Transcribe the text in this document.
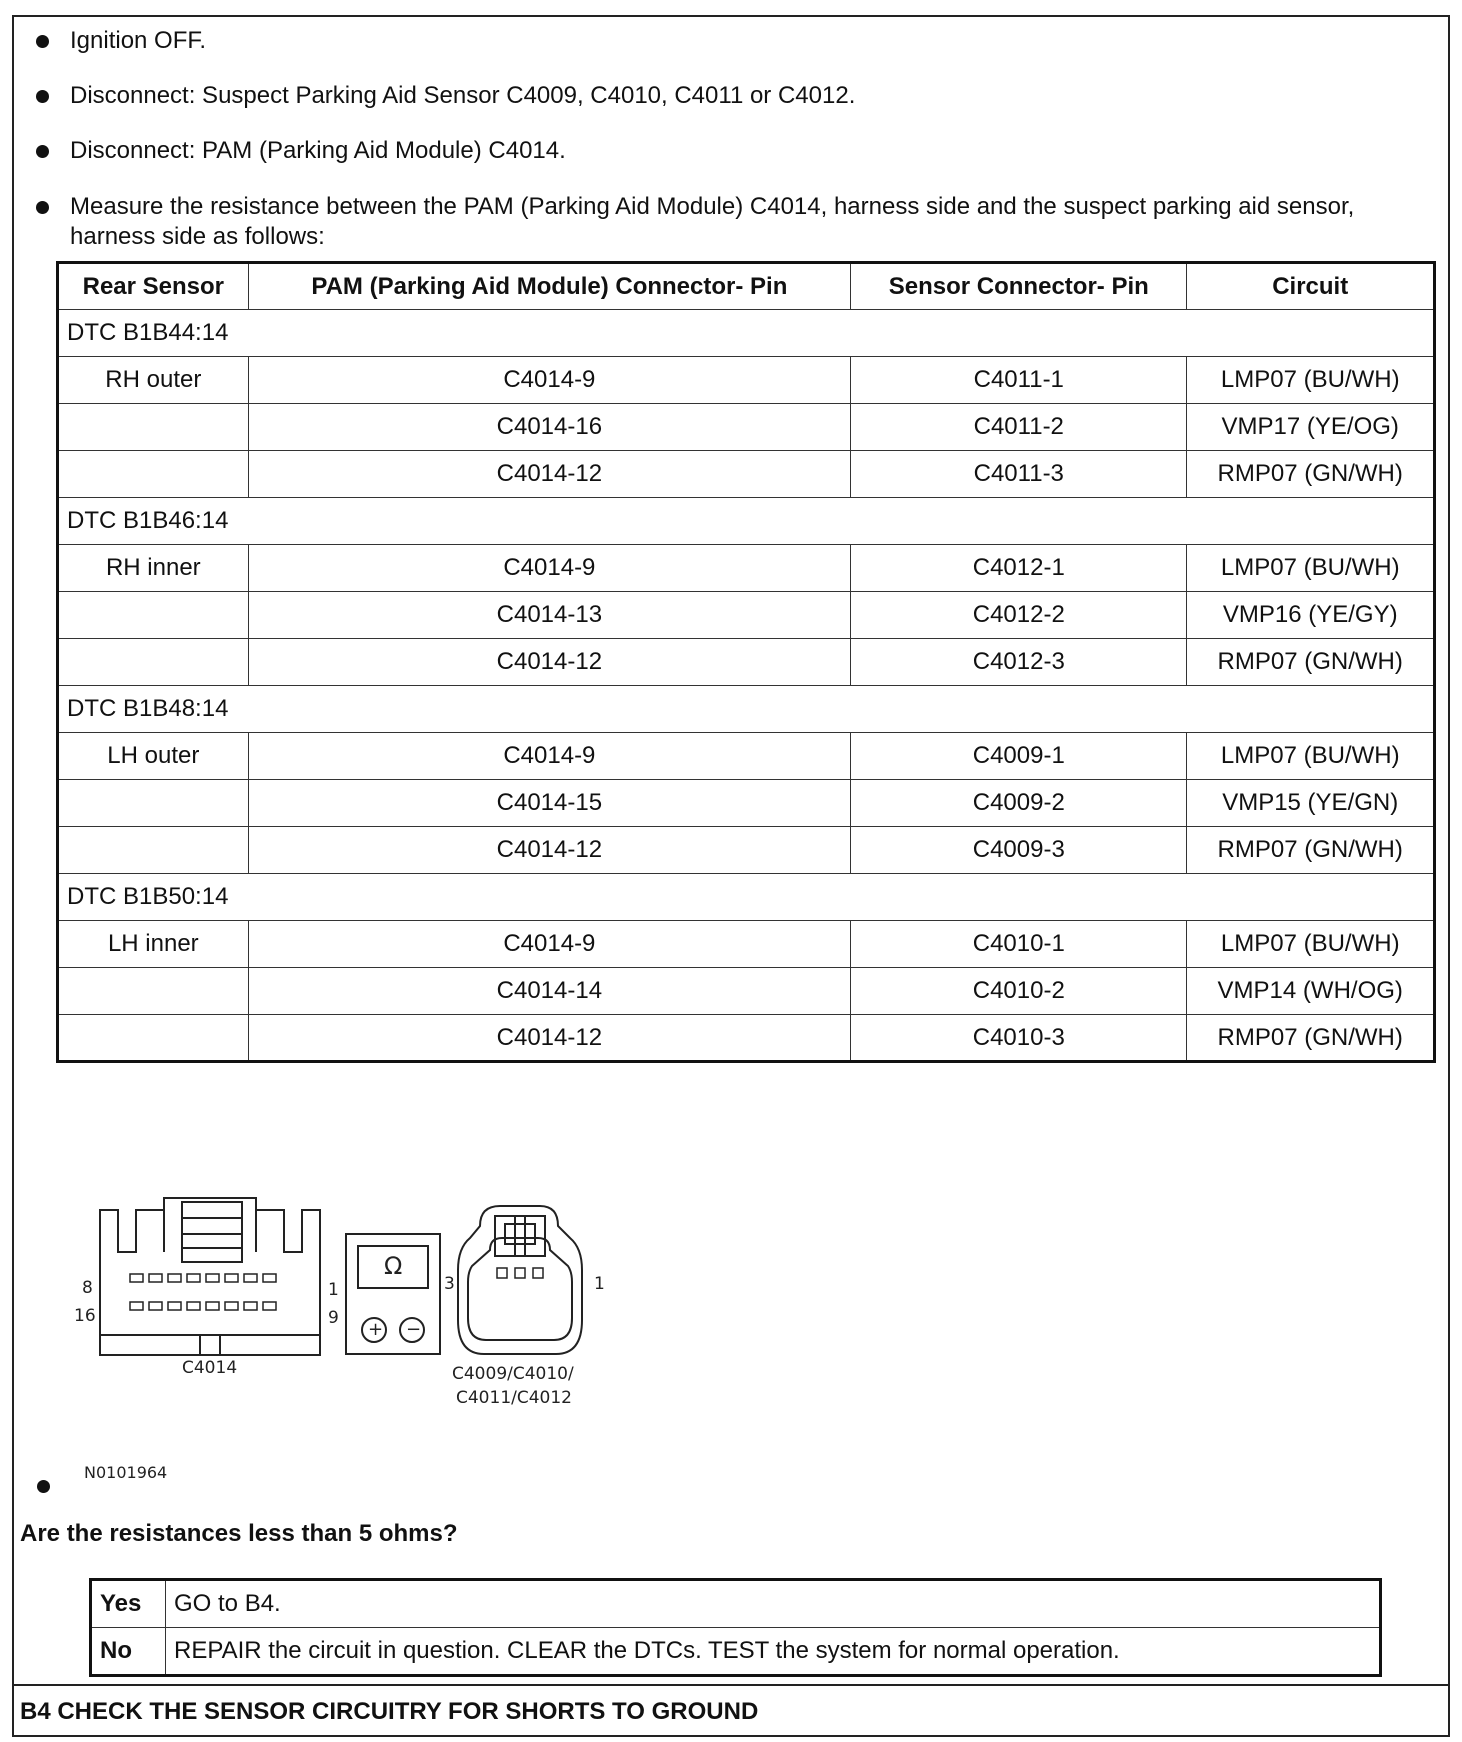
Ignition OFF.
Disconnect: Suspect Parking Aid Sensor C4009, C4010, C4011 or C4012.
Disconnect: PAM (Parking Aid Module) C4014.
Measure the resistance between the PAM (Parking Aid Module) C4014, harness side and the suspect parking aid sensor, harness side as follows:
Rear Sensor	PAM (Parking Aid Module) Connector- Pin	Sensor Connector- Pin	Circuit
DTC B1B44:14			
RH outer	C4014-9	C4011-1	LMP07 (BU/WH)
	C4014-16	C4011-2	VMP17 (YE/OG)
	C4014-12	C4011-3	RMP07 (GN/WH)
DTC B1B46:14			
RH inner	C4014-9	C4012-1	LMP07 (BU/WH)
	C4014-13	C4012-2	VMP16 (YE/GY)
	C4014-12	C4012-3	RMP07 (GN/WH)
DTC B1B48:14			
LH outer	C4014-9	C4009-1	LMP07 (BU/WH)
	C4014-15	C4009-2	VMP15 (YE/GN)
	C4014-12	C4009-3	RMP07 (GN/WH)
DTC B1B50:14			
LH inner	C4014-9	C4010-1	LMP07 (BU/WH)
	C4014-14	C4010-2	VMP14 (WH/OG)
	C4014-12	C4010-3	RMP07 (GN/WH)
8
16
1
9
C4014
Ω
+ −
3	1
C4009/C4010/
C4011/C4012
N0101964
Are the resistances less than 5 ohms?
Yes	GO to B4.
No	REPAIR the circuit in question. CLEAR the DTCs. TEST the system for normal operation.
B4 CHECK THE SENSOR CIRCUITRY FOR SHORTS TO GROUND
